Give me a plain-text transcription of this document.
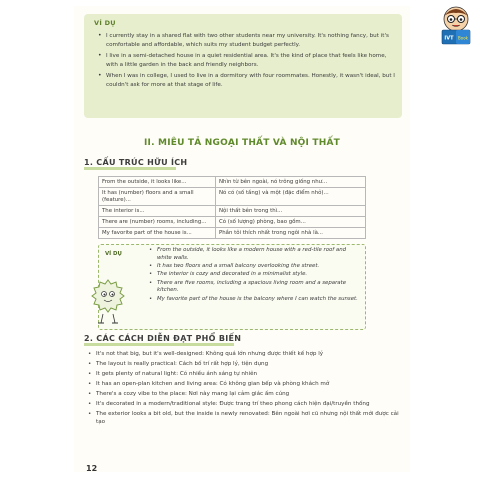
VÍ DỤ
• I currently stay in a shared flat with two other students near my university. It's nothing fancy, but it's comfortable and affordable, which suits my student budget perfectly.
• I live in a semi-detached house in a quiet residential area. It's the kind of place that feels like home, with a little garden in the back and friendly neighbors.
• When I was in college, I used to live in a dormitory with four roommates. Honestly, it wasn't ideal, but I couldn't ask for more at that stage of life.
II. MIÊU TẢ NGOẠI THẤT VÀ NỘI THẤT
1. CẤU TRÚC HỮU ÍCH
From the outside, it looks like...	Nhìn từ bên ngoài, nó trông giống như...
It has (number) floors and a small (feature)...	Nó có (số tầng) và một (đặc điểm nhỏ)...
The interior is...	Nội thất bên trong thì...
There are (number) rooms, including...	Có (số lượng) phòng, bao gồm...
My favorite part of the house is...	Phần tôi thích nhất trong ngôi nhà là...
VÍ DỤ
• From the outside, it looks like a modern house with a red-tile roof and white walls.
• It has two floors and a small balcony overlooking the street.
• The interior is cozy and decorated in a minimalist style.
• There are five rooms, including a spacious living room and a separate kitchen.
• My favorite part of the house is the balcony where I can watch the sunset.
2. CÁC CÁCH DIỄN ĐẠT PHỔ BIẾN
• It's not that big, but it's well-designed: Không quá lớn nhưng được thiết kế hợp lý
• The layout is really practical: Cách bố trí rất hợp lý, tiện dụng
• It gets plenty of natural light: Có nhiều ánh sáng tự nhiên
• It has an open-plan kitchen and living area: Có không gian bếp và phòng khách mở
• There's a cozy vibe to the place: Nơi này mang lại cảm giác ấm cúng
• It's decorated in a modern/traditional style: Được trang trí theo phong cách hiện đại/truyền thống
• The exterior looks a bit old, but the inside is newly renovated: Bên ngoài hơi cũ nhưng nội thất mới được cải tạo
12
IVT Book
